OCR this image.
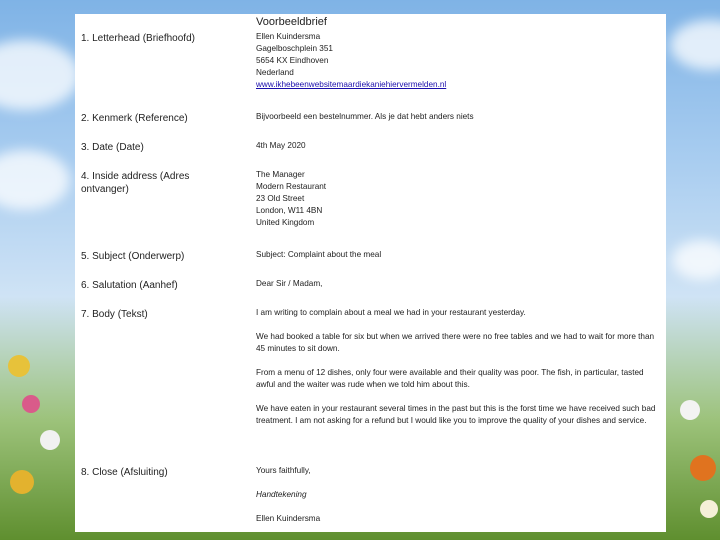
Voorbeeldbrief
1. Letterhead (Briefhoofd)	Ellen Kuindersma
Gagelboschplein 351
5654 KX Eindhoven
Nederland
www.ikhebeenwebsitemaardiekaniehiervermelden.nl
2. Kenmerk (Reference)	Bijvoorbeeld een bestelnummer. Als je dat hebt anders niets
3. Date (Date)	4th May 2020
4. Inside address (Adres ontvanger)
The Manager
Modern Restaurant
23 Old Street
London, W11 4BN
United Kingdom
5. Subject (Onderwerp)	Subject: Complaint about the meal
6. Salutation (Aanhef)	Dear Sir / Madam,
7. Body (Tekst)	I am writing to complain about a meal we had in your restaurant yesterday.
We had booked a table for six but when we arrived there were no free tables and we had to wait for more than 45 minutes to sit down.
From a menu of 12 dishes, only four were available and their quality was poor. The fish, in particular, tasted awful and the waiter was rude when we told him about this.
We have eaten in your restaurant several times in the past but this is the forst time we have received such bad treatment. I am not asking for a refund but I would like you to improve the quality of your dishes and service.
8. Close (Afsluiting)	Yours faithfully,
Handtekening
Ellen Kuindersma
